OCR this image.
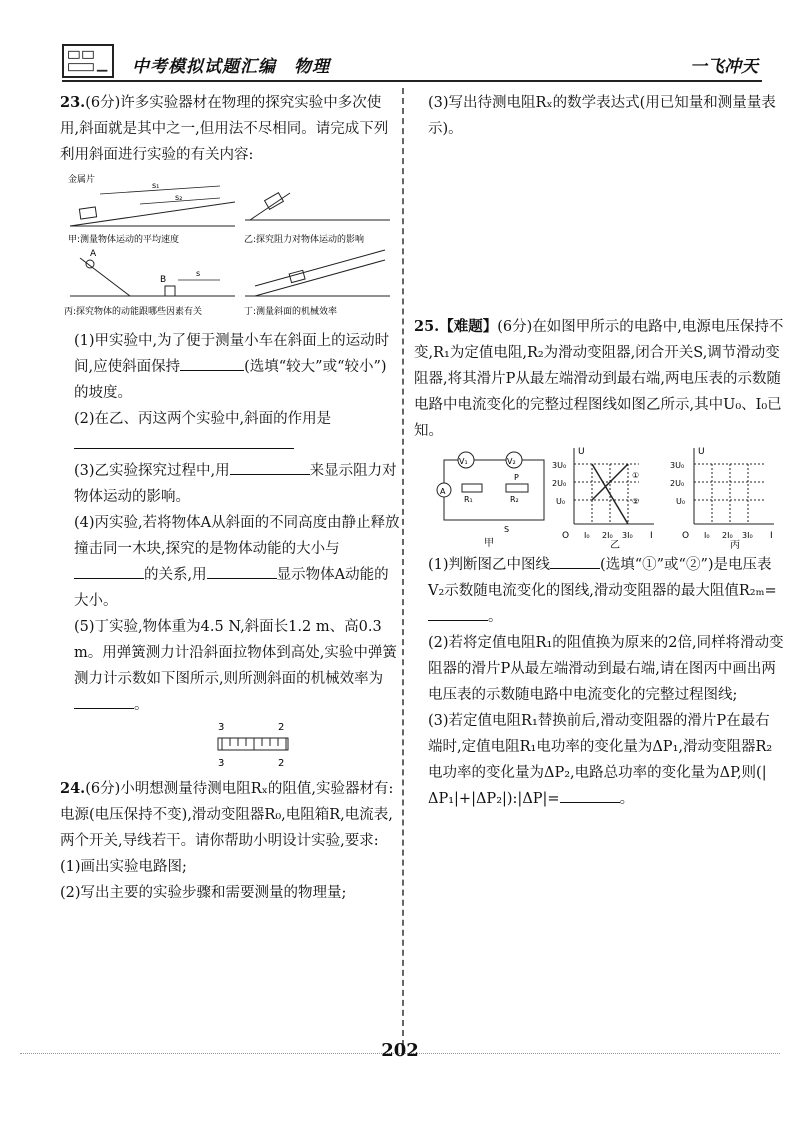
中考模拟试题汇编　物理	一飞冲天

23.(6分)许多实验器材在物理的探究实验中多次使用,斜面就是其中之一,但用法不尽相同。请完成下列利用斜面进行实验的有关内容:

金属片
s₁
s₂
甲:测量物体运动的平均速度	乙:探究阻力对物体运动的影响
A
B
s
丙:探究物体的动能跟哪些因素有关	丁:测量斜面的机械效率

(1)甲实验中,为了便于测量小车在斜面上的运动时间,应使斜面保持	(选填“较大”或“较小”)的坡度。

(2)在乙、丙这两个实验中,斜面的作用是

(3)乙实验探究过程中,用	来显示阻力对物体运动的影响。

(4)丙实验,若将物体A从斜面的不同高度由静止释放撞击同一木块,探究的是物体动能的大小与的关系,用	显示物体A动能的大小。

(5)丁实验,物体重为4.5 N,斜面长1.2 m、高0.3 m。用弹簧测力计沿斜面拉物体到高处,实验中弹簧测力计示数如下图所示,则所测斜面的机械效率为。

3	2
3	2

24.(6分)小明想测量待测电阻Rₓ的阻值,实验器材有:电源(电压保持不变),滑动变阻器R₀,电阻箱R,电流表,两个开关,导线若干。请你帮助小明设计实验,要求:

(1)画出实验电路图;

(2)写出主要的实验步骤和需要测量的物理量;

(3)写出待测电阻Rₓ的数学表达式(用已知量和测量量表示)。

25.【难题】(6分)在如图甲所示的电路中,电源电压保持不变,R₁为定值电阻,R₂为滑动变阻器,闭合开关S,调节滑动变阻器,将其滑片P从最左端滑动到最右端,两电压表的示数随电路中电流变化的完整过程图线如图乙所示,其中U₀、I₀已知。

V₁	V₂
R₁	R₂
P
A
S
甲
U
I
O
3U₀
2U₀
U₀
I₀ 2I₀ 3I₀
①
②
乙
U
I
O
3U₀
2U₀
U₀
I₀ 2I₀ 3I₀
丙

(1)判断图乙中图线	(选填“①”或“②”)是电压表V₂示数随电流变化的图线,滑动变阻器的最大阻值R₂ₘ=。

(2)若将定值电阻R₁的阻值换为原来的2倍,同样将滑动变阻器的滑片P从最左端滑动到最右端,请在图丙中画出两电压表的示数随电路中电流变化的完整过程图线;

(3)若定值电阻R₁替换前后,滑动变阻器的滑片P在最右端时,定值电阻R₁电功率的变化量为ΔP₁,滑动变阻器R₂电功率的变化量为ΔP₂,电路总功率的变化量为ΔP,则(|ΔP₁|+|ΔP₂|):|ΔP|=	。

202
